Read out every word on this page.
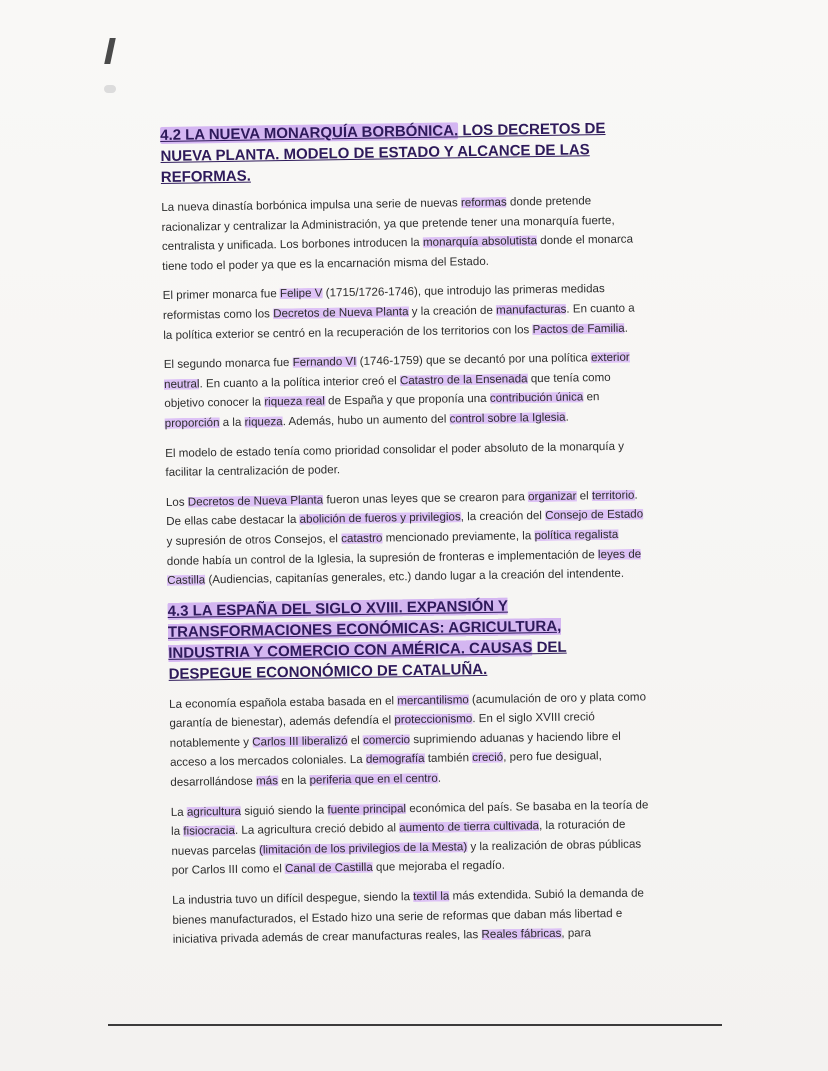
4.2 LA NUEVA MONARQUÍA BORBÓNICA. LOS DECRETOS DE NUEVA PLANTA. MODELO DE ESTADO Y ALCANCE DE LAS REFORMAS.

La nueva dinastía borbónica impulsa una serie de nuevas reformas donde pretende racionalizar y centralizar la Administración, ya que pretende tener una monarquía fuerte, centralista y unificada. Los borbones introducen la monarquía absolutista donde el monarca tiene todo el poder ya que es la encarnación misma del Estado.

El primer monarca fue Felipe V (1715/1726-1746), que introdujo las primeras medidas reformistas como los Decretos de Nueva Planta y la creación de manufacturas. En cuanto a la política exterior se centró en la recuperación de los territorios con los Pactos de Familia.

El segundo monarca fue Fernando VI (1746-1759) que se decantó por una política exterior neutral. En cuanto a la política interior creó el Catastro de la Ensenada que tenía como objetivo conocer la riqueza real de España y que proponía una contribución única en proporción a la riqueza. Además, hubo un aumento del control sobre la Iglesia.

El modelo de estado tenía como prioridad consolidar el poder absoluto de la monarquía y facilitar la centralización de poder.

Los Decretos de Nueva Planta fueron unas leyes que se crearon para organizar el territorio. De ellas cabe destacar la abolición de fueros y privilegios, la creación del Consejo de Estado y supresión de otros Consejos, el catastro mencionado previamente, la política regalista donde había un control de la Iglesia, la supresión de fronteras e implementación de leyes de Castilla (Audiencias, capitanías generales, etc.) dando lugar a la creación del intendente.

4.3 LA ESPAÑA DEL SIGLO XVIII. EXPANSIÓN Y TRANSFORMACIONES ECONÓMICAS: AGRICULTURA, INDUSTRIA Y COMERCIO CON AMÉRICA. CAUSAS DEL DESPEGUE ECONONÓMICO DE CATALUÑA.

La economía española estaba basada en el mercantilismo (acumulación de oro y plata como garantía de bienestar), además defendía el proteccionismo. En el siglo XVIII creció notablemente y Carlos III liberalizó el comercio suprimiendo aduanas y haciendo libre el acceso a los mercados coloniales. La demografía también creció, pero fue desigual, desarrollándose más en la periferia que en el centro.

La agricultura siguió siendo la fuente principal económica del país. Se basaba en la teoría de la fisiocracia. La agricultura creció debido al aumento de tierra cultivada, la roturación de nuevas parcelas (limitación de los privilegios de la Mesta) y la realización de obras públicas por Carlos III como el Canal de Castilla que mejoraba el regadío.

La industria tuvo un difícil despegue, siendo la textil la más extendida. Subió la demanda de bienes manufacturados, el Estado hizo una serie de reformas que daban más libertad e iniciativa privada además de crear manufacturas reales, las Reales fábricas, para
